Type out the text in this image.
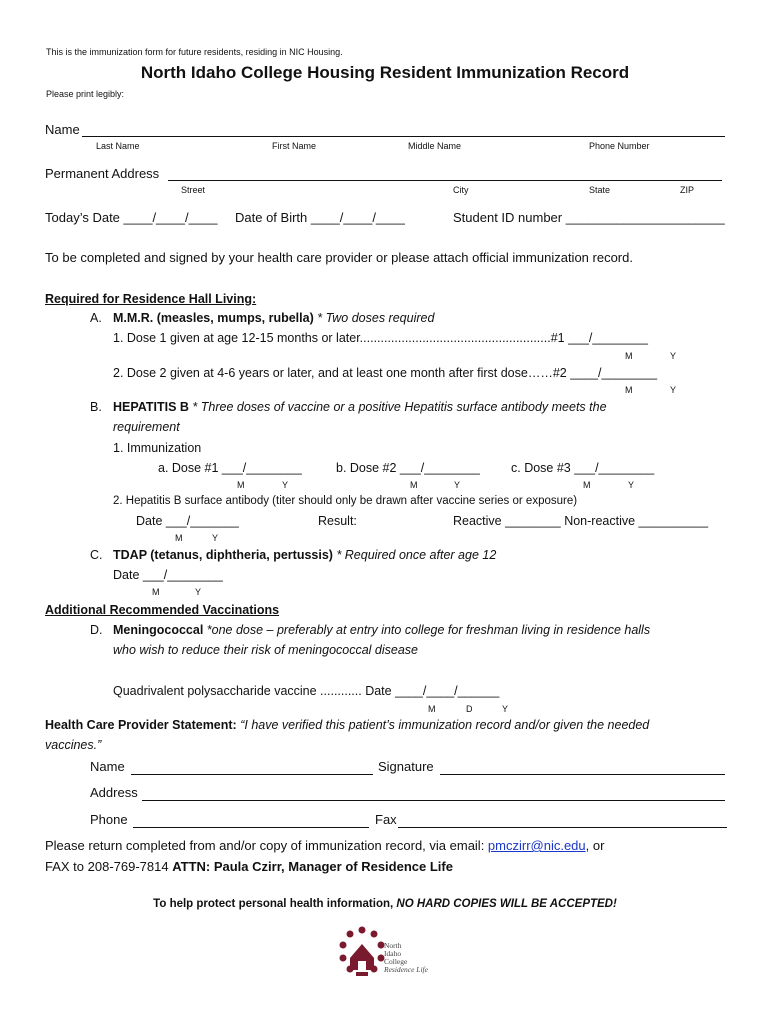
This is the immunization form for future residents, residing in NIC Housing.
North Idaho College Housing Resident Immunization Record
Please print legibly:
Name
Last Name	First Name	Middle Name	Phone Number
Permanent Address
Street	City	State	ZIP
Today’s Date ____/____/____ Date of Birth ____/____/____	Student ID number ______________________
To be completed and signed by your health care provider or please attach official immunization record.
Required for Residence Hall Living:
A. M.M.R. (measles, mumps, rubella) * Two doses required
1. Dose 1 given at age 12-15 months or later.......................................................#1 ___/________
M	Y
2. Dose 2 given at 4-6 years or later, and at least one month after first dose……#2 ____/________
M	Y
B. HEPATITIS B * Three doses of vaccine or a positive Hepatitis surface antibody meets the
requirement
1. Immunization
a. Dose #1 ___/________	b. Dose #2 ___/________ c. Dose #3 ___/________
M	Y	M	Y	M	Y
2. Hepatitis B surface antibody (titer should only be drawn after vaccine series or exposure)
Date ___/_______	Result:	Reactive ________ Non-reactive __________
M	Y
C. TDAP (tetanus, diphtheria, pertussis) * Required once after age 12
Date ___/________
M	Y
Additional Recommended Vaccinations
D. Meningococcal *one dose – preferably at entry into college for freshman living in residence halls
who wish to reduce their risk of meningococcal disease
Quadrivalent polysaccharide vaccine ............ Date ____/____/______
M	D	Y
Health Care Provider Statement: “I have verified this patient’s immunization record and/or given the needed
vaccines.”
Name	Signature
Address
Phone	Fax
Please return completed from and/or copy of immunization record, via email: pmczirr@nic.edu, or
FAX to 208-769-7814 ATTN: Paula Czirr, Manager of Residence Life
To help protect personal health information, NO HARD COPIES WILL BE ACCEPTED!
North
Idaho
College
Residence Life
